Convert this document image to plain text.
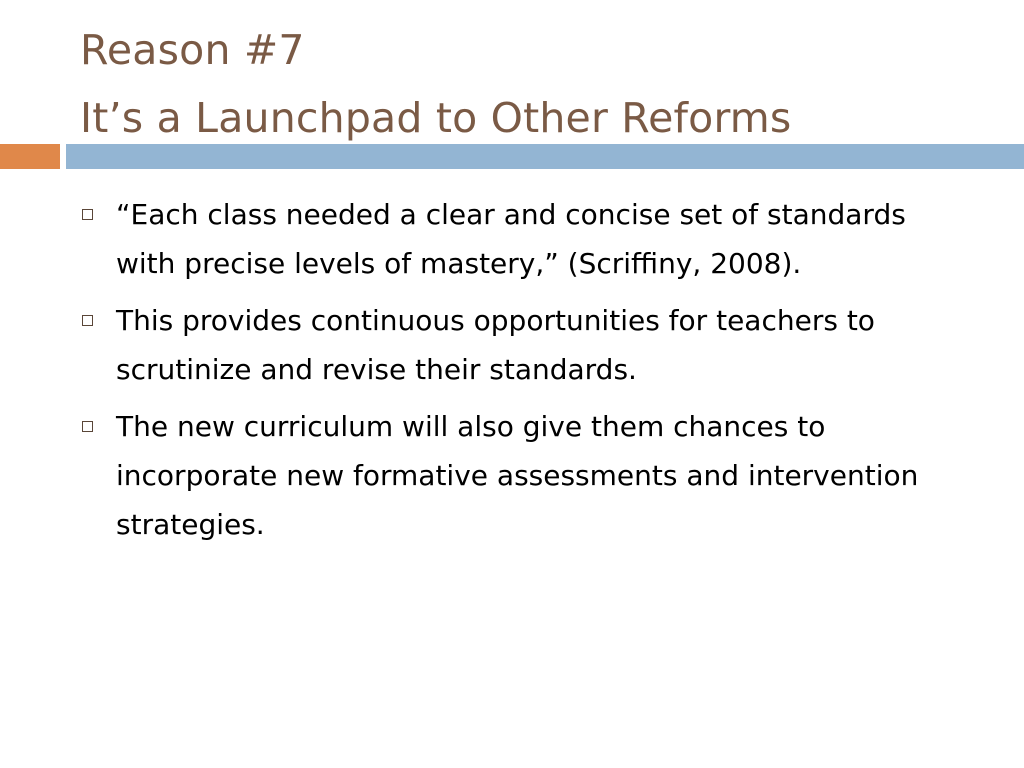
Reason #7
It’s a Launchpad to Other Reforms
“Each class needed a clear and concise set of standards with precise levels of mastery,” (Scriffiny, 2008).
This provides continuous opportunities for teachers to scrutinize and revise their standards.
The new curriculum will also give them chances to incorporate new formative assessments and intervention strategies.
